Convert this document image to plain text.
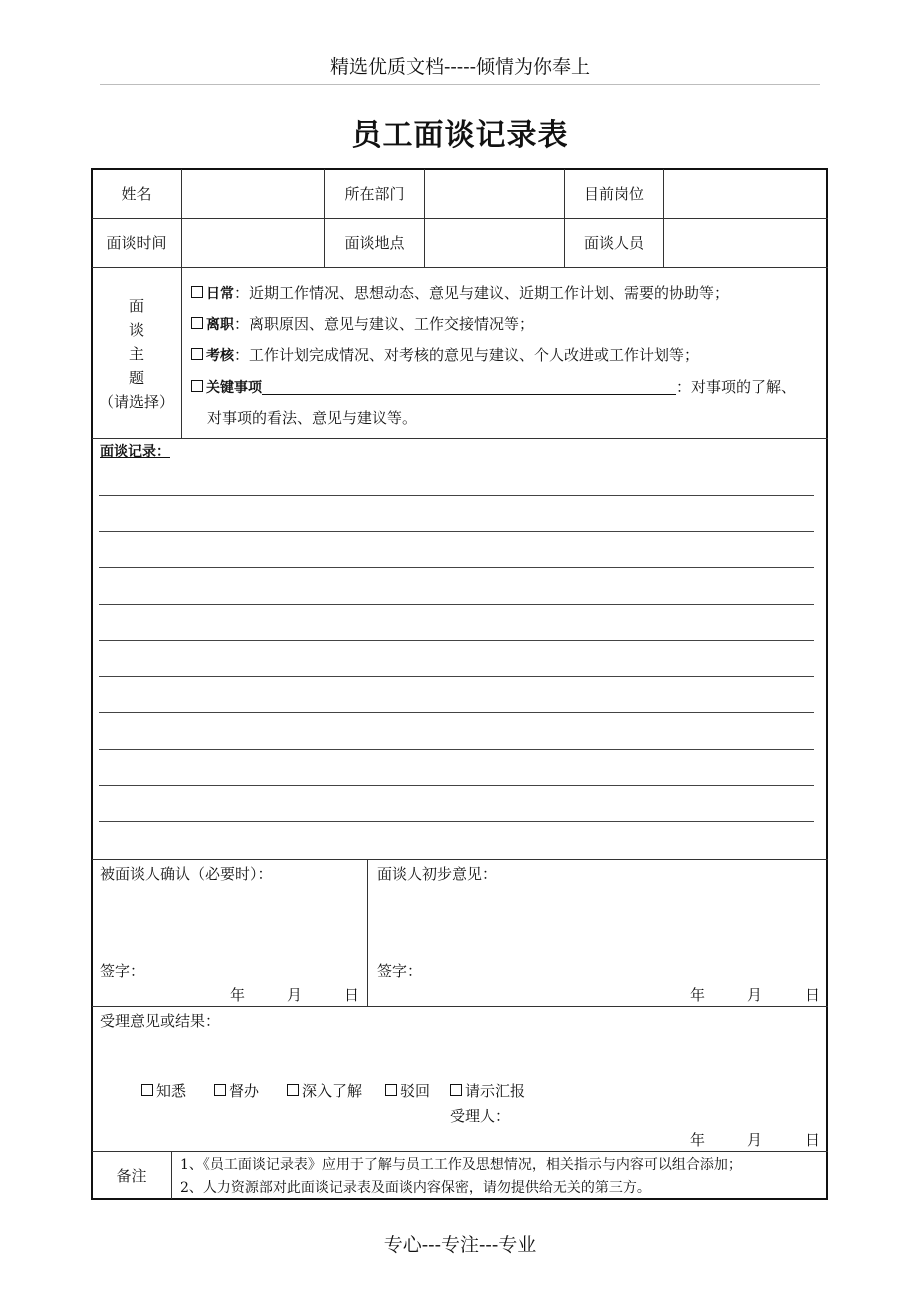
精选优质文档-----倾情为你奉上
员工面谈记录表
姓名	所在部门	目前岗位
面谈时间	面谈地点	面谈人员
面
谈
主
题
（请选择）
日常：近期工作情况、思想动态、意见与建议、近期工作计划、需要的协助等；
离职：离职原因、意见与建议、工作交接情况等；
考核：工作计划完成情况、对考核的意见与建议、个人改进或工作计划等；
关键事项	：对事项的了解、
对事项的看法、意见与建议等。
面谈记录：
被面谈人确认（必要时）：	面谈人初步意见：
签字：	签字：
年	月	日	年	月	日
受理意见或结果：
知悉	督办	深入了解	驳回	请示汇报
受理人：
年	月	日
备注
1、《员工面谈记录表》应用于了解与员工工作及思想情况，相关指示与内容可以组合添加；
2、人力资源部对此面谈记录表及面谈内容保密，请勿提供给无关的第三方。
专心---专注---专业
